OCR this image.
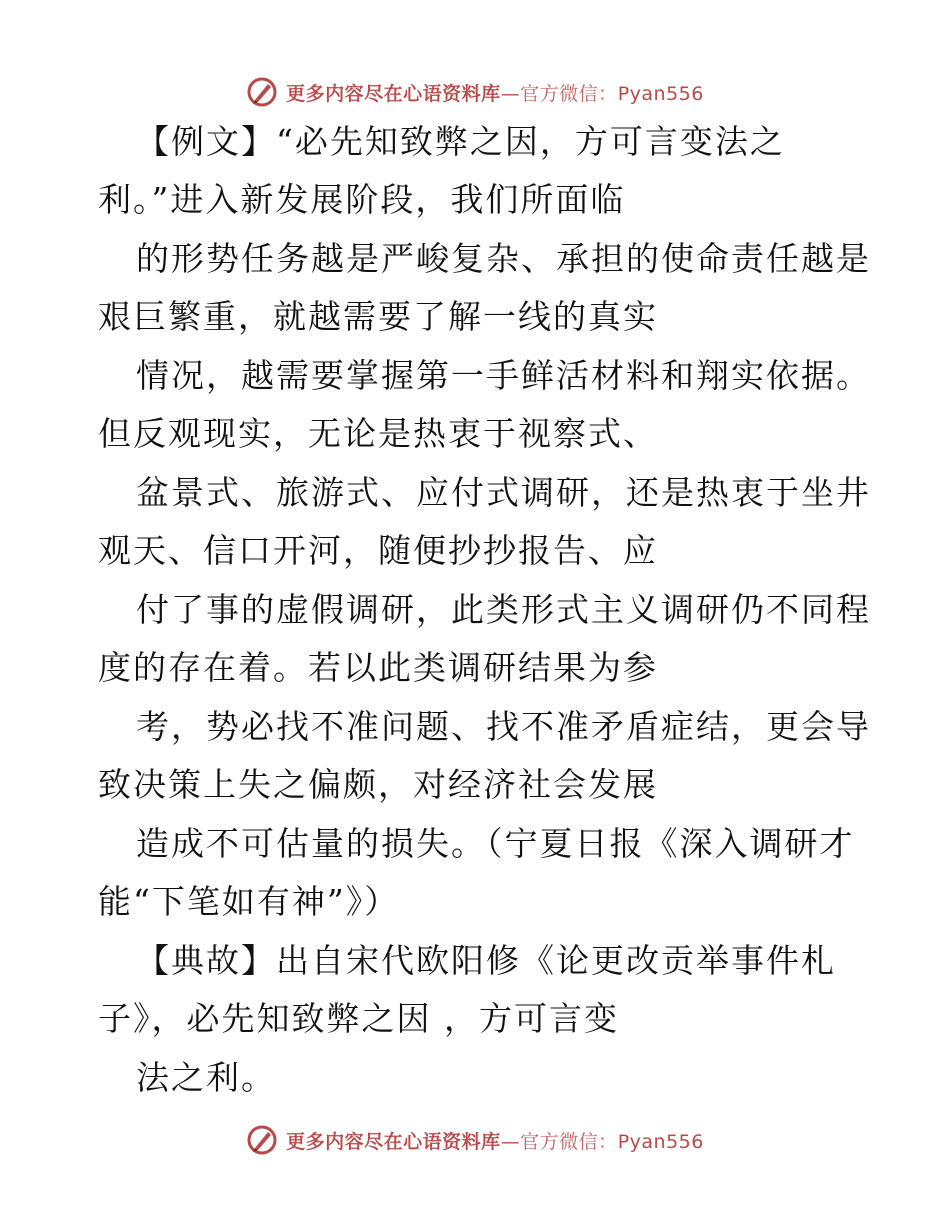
更多内容尽在心语资料库—官方微信：Pyan556
【例文】“必先知致弊之因，方可言变法之
利。”进入新发展阶段，我们所面临
的形势任务越是严峻复杂、承担的使命责任越是
艰巨繁重，就越需要了解一线的真实
情况，越需要掌握第一手鲜活材料和翔实依据。
但反观现实，无论是热衷于视察式、
盆景式、旅游式、应付式调研，还是热衷于坐井
观天、信口开河，随便抄抄报告、应
付了事的虚假调研，此类形式主义调研仍不同程
度的存在着。若以此类调研结果为参
考，势必找不准问题、找不准矛盾症结，更会导
致决策上失之偏颇，对经济社会发展
造成不可估量的损失。（宁夏日报《深入调研才
能“下笔如有神”》）
【典故】出自宋代欧阳修《论更改贡举事件札
子》，必先知致弊之因 ，方可言变
法之利。
更多内容尽在心语资料库—官方微信：Pyan556
